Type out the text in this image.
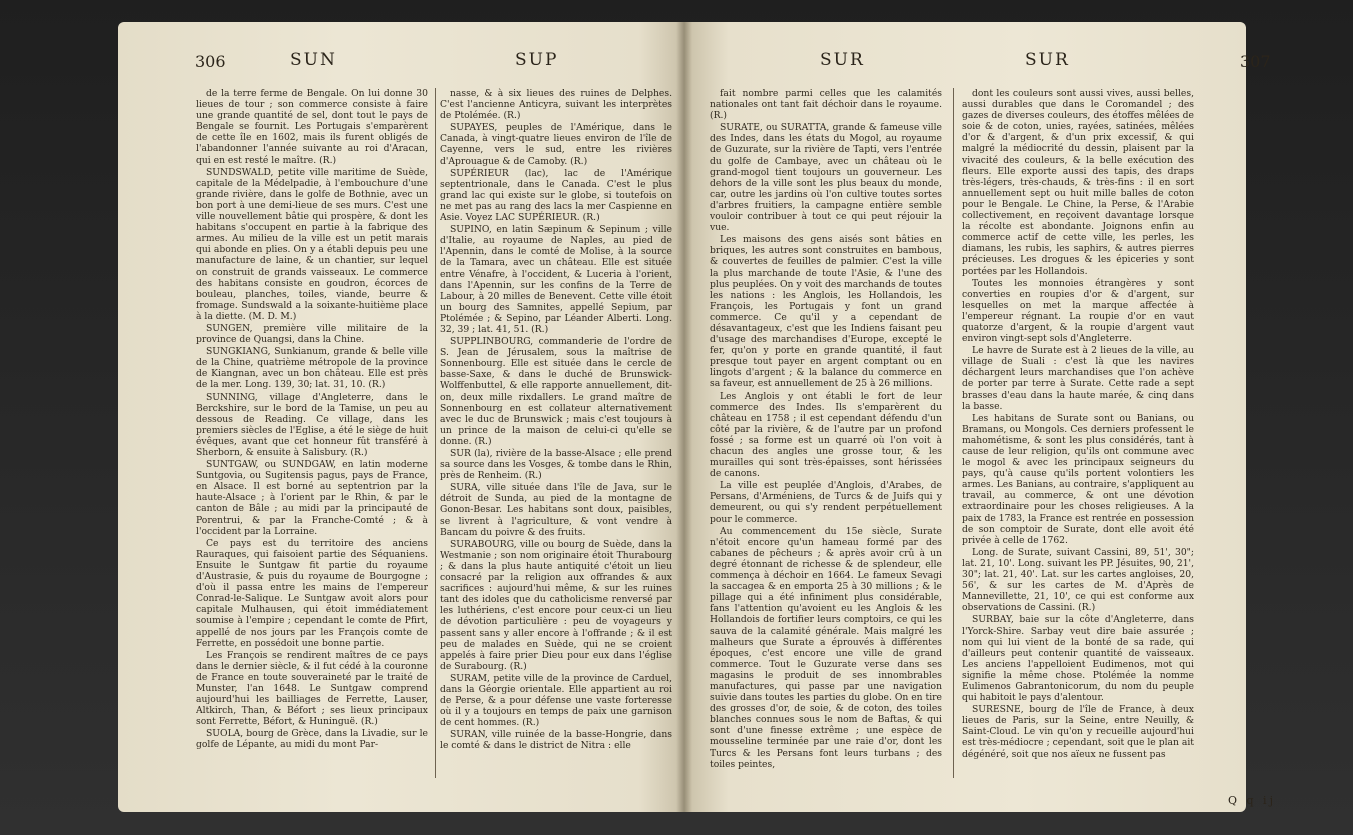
306	SUN	SUP	SUR	SUR	307

de la terre ferme de Bengale. On lui donne 30 lieues de tour ; son commerce consiste à faire une grande quantité de sel, dont tout le pays de Bengale se fournit. Les Portugais s'emparèrent de cette île en 1602, mais ils furent obligés de l'abandonner l'année suivante au roi d'Aracan, qui en est resté le maître. (R.)

SUNDSWALD, petite ville maritime de Suède, capitale de la Médelpadie, à l'embouchure d'une grande rivière, dans le golfe de Bothnie, avec un bon port à une demi-lieue de ses murs. C'est une ville nouvellement bâtie qui prospère, & dont les habitans s'occupent en partie à la fabrique des armes. Au milieu de la ville est un petit marais qui abonde en plies. On y a établi depuis peu une manufacture de laine, & un chantier, sur lequel on construit de grands vaisseaux. Le commerce des habitans consiste en goudron, écorces de bouleau, planches, toiles, viande, beurre & fromage. Sundswald a la soixante-huitième place à la diette. (M. D. M.)

SUNGEN, première ville militaire de la province de Quangsi, dans la Chine.

SUNGKIANG, Sunkianum, grande & belle ville de la Chine, quatrième métropole de la province de Kiangnan, avec un bon château. Elle est près de la mer. Long. 139, 30; lat. 31, 10. (R.)

SUNNING, village d'Angleterre, dans le Berckshire, sur le bord de la Tamise, un peu au dessous de Reading. Ce village, dans les premiers siècles de l'Eglise, a été le siège de huit évêques, avant que cet honneur fût transféré à Sherborn, & ensuite à Salisbury. (R.)

SUNTGAW, ou SUNDGAW, en latin moderne Suntgovia, ou Sugitensis pagus, pays de France, en Alsace. Il est borné au septentrion par la haute-Alsace ; à l'orient par le Rhin, & par le canton de Bâle ; au midi par la principauté de Porentrui, & par la Franche-Comté ; & à l'occident par la Lorraine.

Ce pays est du territoire des anciens Rauraques, qui faisoient partie des Séquaniens. Ensuite le Suntgaw fit partie du royaume d'Austrasie, & puis du royaume de Bourgogne ; d'où il passa entre les mains de l'empereur Conrad-le-Salique. Le Suntgaw avoit alors pour capitale Mulhausen, qui étoit immédiatement soumise à l'empire ; cependant le comte de Pfirt, appellé de nos jours par les François comte de Ferrette, en possédoit une bonne partie.

Les François se rendirent maîtres de ce pays dans le dernier siècle, & il fut cédé à la couronne de France en toute souveraineté par le traité de Munster, l'an 1648. Le Suntgaw comprend aujourd'hui les bailliages de Ferrette, Lauser, Altkirch, Than, & Béfort ; ses lieux principaux sont Ferrette, Béfort, & Huninguë. (R.)

SUOLA, bourg de Grèce, dans la Livadie, sur le golfe de Lépante, au midi du mont Par-

nasse, & à six lieues des ruines de Delphes. C'est l'ancienne Anticyra, suivant les interprètes de Ptolémée. (R.)

SUPAYES, peuples de l'Amérique, dans le Canada, à vingt-quatre lieues environ de l'île de Cayenne, vers le sud, entre les rivières d'Aprouague & de Camoby. (R.)

SUPÉRIEUR (lac), lac de l'Amérique septentrionale, dans le Canada. C'est le plus grand lac qui existe sur le globe, si toutefois on ne met pas au rang des lacs la mer Caspienne en Asie. Voyez LAC SUPÉRIEUR. (R.)

SUPINO, en latin Sæpinum & Sepinum ; ville d'Italie, au royaume de Naples, au pied de l'Apennin, dans le comté de Molise, à la source de la Tamara, avec un château. Elle est située entre Vénafre, à l'occident, & Luceria à l'orient, dans l'Apennin, sur les confins de la Terre de Labour, à 20 milles de Benevent. Cette ville étoit un bourg des Samnites, appellé Sepium, par Ptolémée ; & Sepino, par Léander Alberti. Long. 32, 39 ; lat. 41, 51. (R.)

SUPPLINBOURG, commanderie de l'ordre de S. Jean de Jérusalem, sous la maîtrise de Sonnenbourg. Elle est située dans le cercle de basse-Saxe, & dans le duché de Brunswick-Wolffenbuttel, & elle rapporte annuellement, dit-on, deux mille rixdallers. Le grand maître de Sonnenbourg en est collateur alternativement avec le duc de Brunswick ; mais c'est toujours à un prince de la maison de celui-ci qu'elle se donne. (R.)

SUR (la), rivière de la basse-Alsace ; elle prend sa source dans les Vosges, & tombe dans le Rhin, près de Renheim. (R.)

SURA, ville située dans l'île de Java, sur le détroit de Sunda, au pied de la montagne de Gonon-Besar. Les habitans sont doux, paisibles, se livrent à l'agriculture, & vont vendre à Bancam du poivre & des fruits.

SURABOURG, ville ou bourg de Suède, dans la Westmanie ; son nom originaire étoit Thurabourg ; & dans la plus haute antiquité c'étoit un lieu consacré par la religion aux offrandes & aux sacrifices : aujourd'hui même, & sur les ruines tant des idoles que du catholicisme renversé par les luthériens, c'est encore pour ceux-ci un lieu de dévotion particulière : peu de voyageurs y passent sans y aller encore à l'offrande ; & il est peu de malades en Suède, qui ne se croient appelés à faire prier Dieu pour eux dans l'église de Surabourg. (R.)

SURAM, petite ville de la province de Carduel, dans la Géorgie orientale. Elle appartient au roi de Perse, & a pour défense une vaste forteresse où il y a toujours en temps de paix une garnison de cent hommes. (R.)

SURAN, ville ruinée de la basse-Hongrie, dans le comté & dans le district de Nitra : elle

fait nombre parmi celles que les calamités nationales ont tant fait déchoir dans le royaume. (R.)

SURATE, ou SURATTA, grande & fameuse ville des Indes, dans les états du Mogol, au royaume de Guzurate, sur la rivière de Tapti, vers l'entrée du golfe de Cambaye, avec un château où le grand-mogol tient toujours un gouverneur. Les dehors de la ville sont les plus beaux du monde, car, outre les jardins où l'on cultive toutes sortes d'arbres fruitiers, la campagne entière semble vouloir contribuer à tout ce qui peut réjouir la vue.

Les maisons des gens aisés sont bâties en briques, les autres sont construites en bambous, & couvertes de feuilles de palmier. C'est la ville la plus marchande de toute l'Asie, & l'une des plus peuplées. On y voit des marchands de toutes les nations : les Anglois, les Hollandois, les François, les Portugais y font un grand commerce. Ce qu'il y a cependant de désavantageux, c'est que les Indiens faisant peu d'usage des marchandises d'Europe, excepté le fer, qu'on y porte en grande quantité, il faut presque tout payer en argent comptant ou en lingots d'argent ; & la balance du commerce en sa faveur, est annuellement de 25 à 26 millions.

Les Anglois y ont établi le fort de leur commerce des Indes. Ils s'emparèrent du château en 1758 ; il est cependant défendu d'un côté par la rivière, & de l'autre par un profond fossé ; sa forme est un quarré où l'on voit à chacun des angles une grosse tour, & les murailles qui sont très-épaisses, sont hérissées de canons.

La ville est peuplée d'Anglois, d'Arabes, de Persans, d'Arméniens, de Turcs & de Juifs qui y demeurent, ou qui s'y rendent perpétuellement pour le commerce.

Au commencement du 15e siècle, Surate n'étoit encore qu'un hameau formé par des cabanes de pêcheurs ; & après avoir crû à un degré étonnant de richesse & de splendeur, elle commença à déchoir en 1664. Le fameux Sevagi la saccagea & en emporta 25 à 30 millions ; & le pillage qui a été infiniment plus considérable, fans l'attention qu'avoient eu les Anglois & les Hollandois de fortifier leurs comptoirs, ce qui les sauva de la calamité générale. Mais malgré les malheurs que Surate a éprouvés à différentes époques, c'est encore une ville de grand commerce. Tout le Guzurate verse dans ses magasins le produit de ses innombrables manufactures, qui passe par une navigation suivie dans toutes les parties du globe. On en tire des grosses d'or, de soie, & de coton, des toiles blanches connues sous le nom de Baftas, & qui sont d'une finesse extrême ; une espèce de mousseline terminée par une raie d'or, dont les Turcs & les Persans font leurs turbans ; des toiles peintes,

dont les couleurs sont aussi vives, aussi belles, aussi durables que dans le Coromandel ; des gazes de diverses couleurs, des étoffes mêlées de soie & de coton, unies, rayées, satinées, mêlées d'or & d'argent, & d'un prix excessif, & qui malgré la médiocrité du dessin, plaisent par la vivacité des couleurs, & la belle exécution des fleurs. Elle exporte aussi des tapis, des draps très-légers, très-chauds, & très-fins : il en sort annuellement sept ou huit mille balles de coton pour le Bengale. Le Chine, la Perse, & l'Arabie collectivement, en reçoivent davantage lorsque la récolte est abondante. Joignons enfin au commerce actif de cette ville, les perles, les diamans, les rubis, les saphirs, & autres pierres précieuses. Les drogues & les épiceries y sont portées par les Hollandois.

Toutes les monnoies étrangères y sont converties en roupies d'or & d'argent, sur lesquelles on met la marque affectée à l'empereur régnant. La roupie d'or en vaut quatorze d'argent, & la roupie d'argent vaut environ vingt-sept sols d'Angleterre.

Le havre de Surate est à 2 lieues de la ville, au village de Suali : c'est là que les navires déchargent leurs marchandises que l'on achève de porter par terre à Surate. Cette rade a sept brasses d'eau dans la haute marée, & cinq dans la basse.

Les habitans de Surate sont ou Banians, ou Bramans, ou Mongols. Ces derniers professent le mahométisme, & sont les plus considérés, tant à cause de leur religion, qu'ils ont commune avec le mogol & avec les principaux seigneurs du pays, qu'à cause qu'ils portent volontiers les armes. Les Banians, au contraire, s'appliquent au travail, au commerce, & ont une dévotion extraordinaire pour les choses religieuses. A la paix de 1783, la France est rentrée en possession de son comptoir de Surate, dont elle avoit été privée à celle de 1762.

Long. de Surate, suivant Cassini, 89, 51', 30"; lat. 21, 10'. Long. suivant les PP. Jésuites, 90, 21', 30"; lat. 21, 40'. Lat. sur les cartes angloises, 20, 56', & sur les cartes de M. d'Après de Mannevillette, 21, 10', ce qui est conforme aux observations de Cassini. (R.)

SURBAY, baie sur la côte d'Angleterre, dans l'Yorck-Shire. Sarbay veut dire baie assurée ; nom qui lui vient de la bonté de sa rade, qui d'ailleurs peut contenir quantité de vaisseaux. Les anciens l'appelloient Eudimenos, mot qui signifie la même chose. Ptolémée la nomme Eulimenos Gabrantonicorum, du nom du peuple qui habitoit le pays d'alentour.

SURESNE, bourg de l'île de France, à deux lieues de Paris, sur la Seine, entre Neuilly, & Saint-Cloud. Le vin qu'on y recueille aujourd'hui est très-médiocre ; cependant, soit que le plan ait dégénéré, soit que nos aïeux ne fussent pas

Q q ij
